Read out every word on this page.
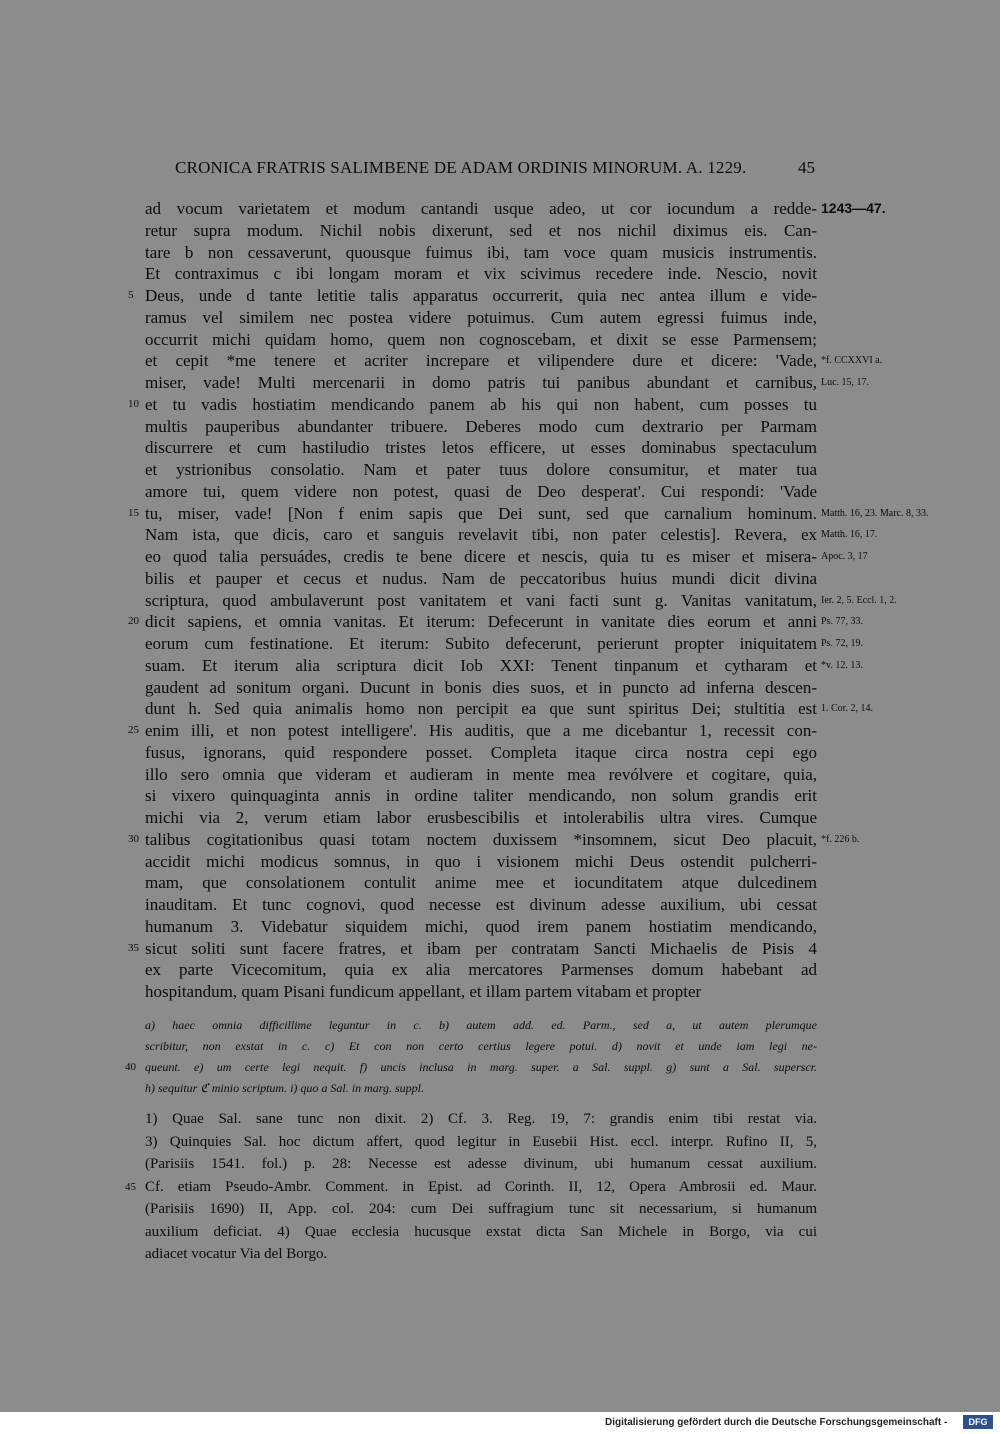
CRONICA FRATRIS SALIMBENE DE ADAM ORDINIS MINORUM. A. 1229.	45
ad vocum varietatem et modum cantandi usque adeo, ut cor iocundum a redde- 1243—47.
retur supra modum. Nichil nobis dixerunt, sed et nos nichil diximus eis. Can-
tare b non cessaverunt, quousque fuimus ibi, tam voce quam musicis instrumentis.
Et contraximus c ibi longam moram et vix scivimus recedere inde. Nescio, novit
Deus, unde d tante letitie talis apparatus occurrerit, quia nec antea illum e vide-
5
ramus vel similem nec postea videre potuimus. Cum autem egressi fuimus inde,
occurrit michi quidam homo, quem non cognoscebam, et dixit se esse Parmensem;
et cepit *me tenere et acriter increpare et vilipendere dure et dicere: 'Vade, *f. CCXXVI a.
miser, vade! Multi mercenarii in domo patris tui panibus abundant et carnibus, Luc. 15, 17.
et tu vadis hostiatim mendicando panem ab his qui non habent, cum posses tu
10
multis pauperibus abundanter tribuere. Deberes modo cum dextrario per Parmam
discurrere et cum hastiludio tristes letos efficere, ut esses dominabus spectaculum
et ystrionibus consolatio. Nam et pater tuus dolore consumitur, et mater tua
amore tui, quem videre non potest, quasi de Deo desperat'. Cui respondi: 'Vade
tu, miser, vade! [Non f enim sapis que Dei sunt, sed que carnalium hominum.
15	Matth. 16, 23. Marc. 8, 33.
Nam ista, que dicis, caro et sanguis revelavit tibi, non pater celestis]. Revera, ex Matth. 16, 17.
eo quod talia persuádes, credis te bene dicere et nescis, quia tu es miser et misera- Apoc. 3, 17
bilis et pauper et cecus et nudus. Nam de peccatoribus huius mundi dicit divina
scriptura, quod ambulaverunt post vanitatem et vani facti sunt g. Vanitas vanitatum, Ier. 2, 5. Eccl. 1, 2.
dicit sapiens, et omnia vanitas. Et iterum: Defecerunt in vanitate dies eorum et anni
20	Ps. 77, 33.
eorum cum festinatione. Et iterum: Subito defecerunt, perierunt propter iniquitatem Ps. 72, 19.
suam. Et iterum alia scriptura dicit Iob XXI: Tenent tinpanum et cytharam et *v. 12. 13.
gaudent ad sonitum organi. Ducunt in bonis dies suos, et in puncto ad inferna descen-
dunt h. Sed quia animalis homo non percipit ea que sunt spiritus Dei; stultitia est 1. Cor. 2, 14.
enim illi, et non potest intelligere'. His auditis, que a me dicebantur 1, recessit con-
25
fusus, ignorans, quid respondere posset. Completa itaque circa nostra cepi ego
illo sero omnia que videram et audieram in mente mea revólvere et cogitare, quia,
si vixero quinquaginta annis in ordine taliter mendicando, non solum grandis erit
michi via 2, verum etiam labor erusbescibilis et intolerabilis ultra vires. Cumque
talibus cogitationibus quasi totam noctem duxissem *insomnem, sicut Deo placuit,
30	*f. 226 b.
accidit michi modicus somnus, in quo i visionem michi Deus ostendit pulcherri-
mam, que consolationem contulit anime mee et iocunditatem atque dulcedinem
inauditam. Et tunc cognovi, quod necesse est divinum adesse auxilium, ubi cessat
humanum 3. Videbatur siquidem michi, quod irem panem hostiatim mendicando,
sicut soliti sunt facere fratres, et ibam per contratam Sancti Michaelis de Pisis 4
35
ex parte Vicecomitum, quia ex alia mercatores Parmenses domum habebant ad
hospitandum, quam Pisani fundicum appellant, et illam partem vitabam et propter
a) haec omnia difficillime leguntur in c. b) autem add. ed. Parm., sed a, ut autem plerumque
scribitur, non exstat in c. c) Et con non certo certius legere potui. d) novit et unde iam legi ne-
queunt. e) um certe legi nequit. f) uncis inclusa in marg. super. a Sal. suppl. g) sunt a Sal. superscr.
40
h) sequitur ℭ minio scriptum. i) quo a Sal. in marg. suppl.
1) Quae Sal. sane tunc non dixit. 2) Cf. 3. Reg. 19, 7: grandis enim tibi restat via.
3) Quinquies Sal. hoc dictum affert, quod legitur in Eusebii Hist. eccl. interpr. Rufino II, 5,
(Parisiis 1541. fol.) p. 28: Necesse est adesse divinum, ubi humanum cessat auxilium.
Cf. etiam Pseudo-Ambr. Comment. in Epist. ad Corinth. II, 12, Opera Ambrosii ed. Maur.
45
(Parisiis 1690) II, App. col. 204: cum Dei suffragium tunc sit necessarium, si humanum
auxilium deficiat. 4) Quae ecclesia hucusque exstat dicta San Michele in Borgo, via cui
adiacet vocatur Via del Borgo.
Digitalisierung gefördert durch die Deutsche Forschungsgemeinschaft -	DFG
